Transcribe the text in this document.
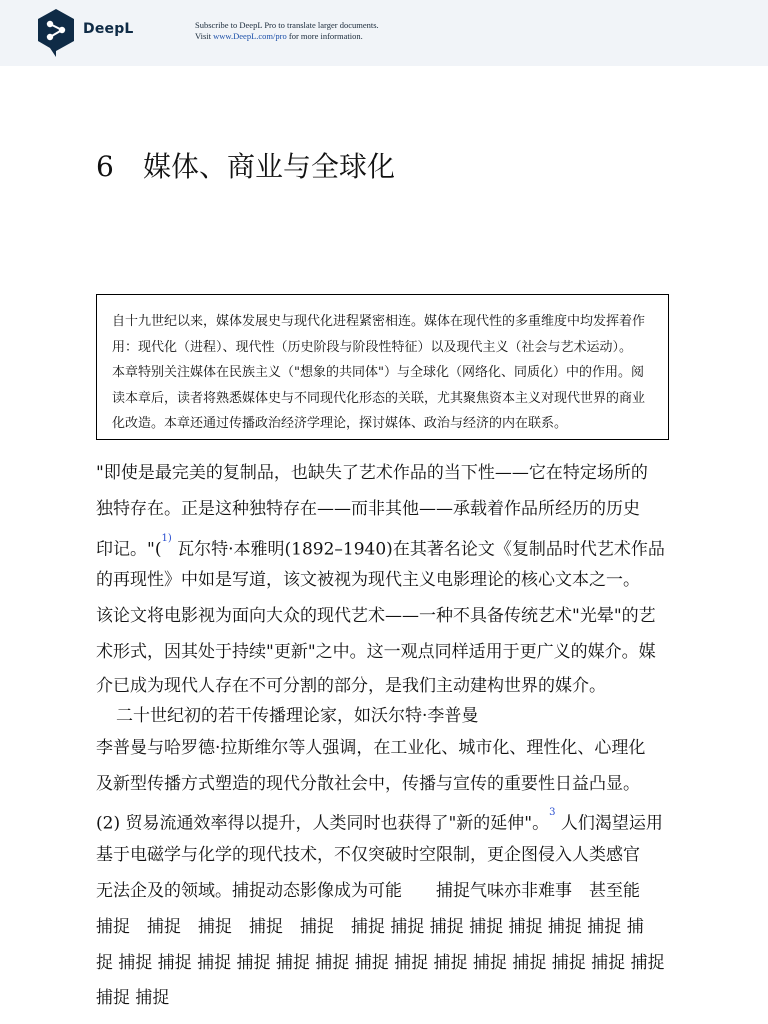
DeepL	Subscribe to DeepL Pro to translate larger documents.
Visit www.DeepL.com/pro for more information.
6 媒体、商业与全球化
自十九世纪以来，媒体发展史与现代化进程紧密相连。媒体在现代性的多重维度中均发挥着作
用：现代化（进程）、现代性（历史阶段与阶段性特征）以及现代主义（社会与艺术运动）。
本章特别关注媒体在民族主义（"想象的共同体"）与全球化（网络化、同质化）中的作用。阅
读本章后，读者将熟悉媒体史与不同现代化形态的关联，尤其聚焦资本主义对现代世界的商业
化改造。本章还通过传播政治经济学理论，探讨媒体、政治与经济的内在联系。
"即使是最完美的复制品，也缺失了艺术作品的当下性——它在特定场所的
独特存在。正是这种独特存在——而非其他——承载着作品所经历的历史
印记。"($^{1)}$ 瓦尔特·本雅明(1892–1940)在其著名论文《复制品时代艺术作品
的再现性》中如是写道，该文被视为现代主义电影理论的核心文本之一。
该论文将电影视为面向大众的现代艺术——一种不具备传统艺术"光晕"的艺
术形式，因其处于持续"更新"之中。这一观点同样适用于更广义的媒介。媒
介已成为现代人存在不可分割的部分，是我们主动建构世界的媒介。
二十世纪初的若干传播理论家，如沃尔特·李普曼
李普曼与哈罗德·拉斯维尔等人强调，在工业化、城市化、理性化、心理化
及新型传播方式塑造的现代分散社会中，传播与宣传的重要性日益凸显。
(2) 贸易流通效率得以提升，人类同时也获得了"新的延伸"。$^3$ 人们渴望运用
基于电磁学与化学的现代技术，不仅突破时空限制，更企图侵入人类感官
无法企及的领域。捕捉动态影像成为可能　　捕捉气味亦非难事　甚至能
捕捉　捕捉　捕捉　捕捉　捕捉　捕捉 捕捉 捕捉 捕捉 捕捉 捕捉 捕捉 捕
捉 捕捉 捕捉 捕捉 捕捉 捕捉 捕捉 捕捉 捕捉 捕捉 捕捉 捕捉 捕捉 捕捉 捕捉
捕捉 捕捉
